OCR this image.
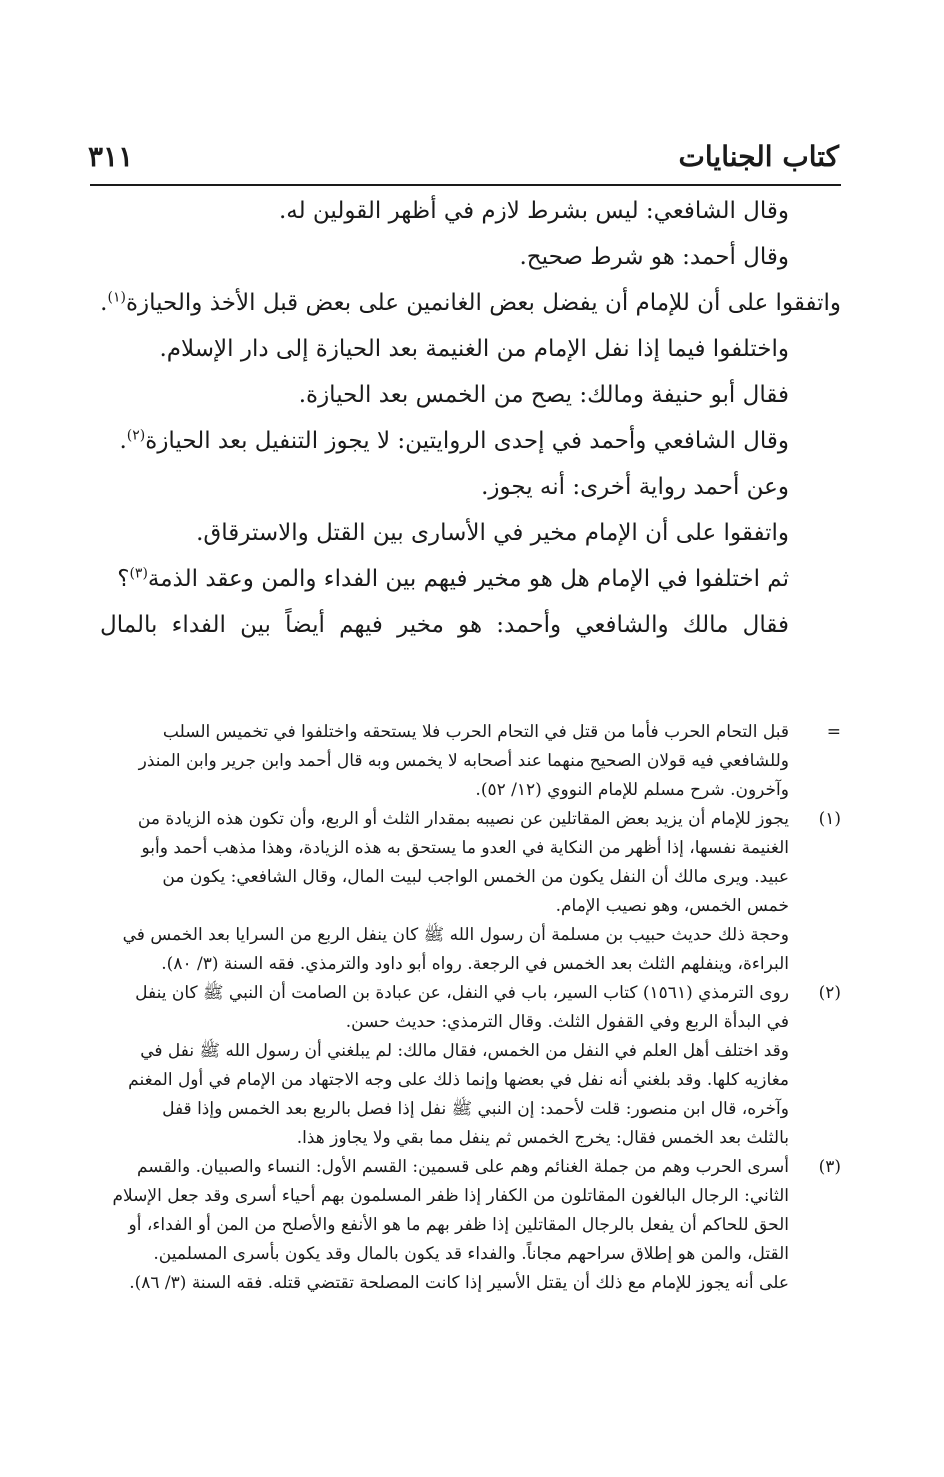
كتاب الجنايات
٣١١

وقال الشافعي: ليس بشرط لازم في أظهر القولين له.

وقال أحمد: هو شرط صحيح.

واتفقوا على أن للإمام أن يفضل بعض الغانمين على بعض قبل الأخذ والحيازة$^{(١)}$.

واختلفوا فيما إذا نفل الإمام من الغنيمة بعد الحيازة إلى دار الإسلام.

فقال أبو حنيفة ومالك: يصح من الخمس بعد الحيازة.

وقال الشافعي وأحمد في إحدى الروايتين: لا يجوز التنفيل بعد الحيازة$^{(٢)}$.

وعن أحمد رواية أخرى: أنه يجوز.

واتفقوا على أن الإمام مخير في الأسارى بين القتل والاسترقاق.

ثم اختلفوا في الإمام هل هو مخير فيهم بين الفداء والمن وعقد الذمة$^{(٣)}$؟

فقال مالك والشافعي وأحمد: هو مخير فيهم أيضاً بين الفداء بالمال

=

قبل التحام الحرب فأما من قتل في التحام الحرب فلا يستحقه واختلفوا في تخميس السلب

وللشافعي فيه قولان الصحيح منهما عند أصحابه لا يخمس وبه قال أحمد وابن جرير وابن المنذر

وآخرون. شرح مسلم للإمام النووي (١٢/ ٥٢).

(١)

يجوز للإمام أن يزيد بعض المقاتلين عن نصيبه بمقدار الثلث أو الربع، وأن تكون هذه الزيادة من

الغنيمة نفسها، إذا أظهر من النكاية في العدو ما يستحق به هذه الزيادة، وهذا مذهب أحمد وأبو

عبيد. ويرى مالك أن النفل يكون من الخمس الواجب لبيت المال، وقال الشافعي: يكون من

خمس الخمس، وهو نصيب الإمام.

وحجة ذلك حديث حبيب بن مسلمة أن رسول الله ﷺ كان ينفل الربع من السرايا بعد الخمس في

البراءة، وينفلهم الثلث بعد الخمس في الرجعة. رواه أبو داود والترمذي. فقه السنة (٣/ ٨٠).

(٢)

روى الترمذي (١٥٦١) كتاب السير، باب في النفل، عن عبادة بن الصامت أن النبي ﷺ كان ينفل

في البدأة الربع وفي القفول الثلث. وقال الترمذي: حديث حسن.

وقد اختلف أهل العلم في النفل من الخمس، فقال مالك: لم يبلغني أن رسول الله ﷺ نفل في

مغازيه كلها. وقد بلغني أنه نفل في بعضها وإنما ذلك على وجه الاجتهاد من الإمام في أول المغنم

وآخره، قال ابن منصور: قلت لأحمد: إن النبي ﷺ نفل إذا فصل بالربع بعد الخمس وإذا قفل

بالثلث بعد الخمس فقال: يخرج الخمس ثم ينفل مما بقي ولا يجاوز هذا.

(٣)

أسرى الحرب وهم من جملة الغنائم وهم على قسمين: القسم الأول: النساء والصبيان. والقسم

الثاني: الرجال البالغون المقاتلون من الكفار إذا ظفر المسلمون بهم أحياء أسرى وقد جعل الإسلام

الحق للحاكم أن يفعل بالرجال المقاتلين إذا ظفر بهم ما هو الأنفع والأصلح من المن أو الفداء، أو

القتل، والمن هو إطلاق سراحهم مجاناً. والفداء قد يكون بالمال وقد يكون بأسرى المسلمين.

على أنه يجوز للإمام مع ذلك أن يقتل الأسير إذا كانت المصلحة تقتضي قتله. فقه السنة (٣/ ٨٦).
